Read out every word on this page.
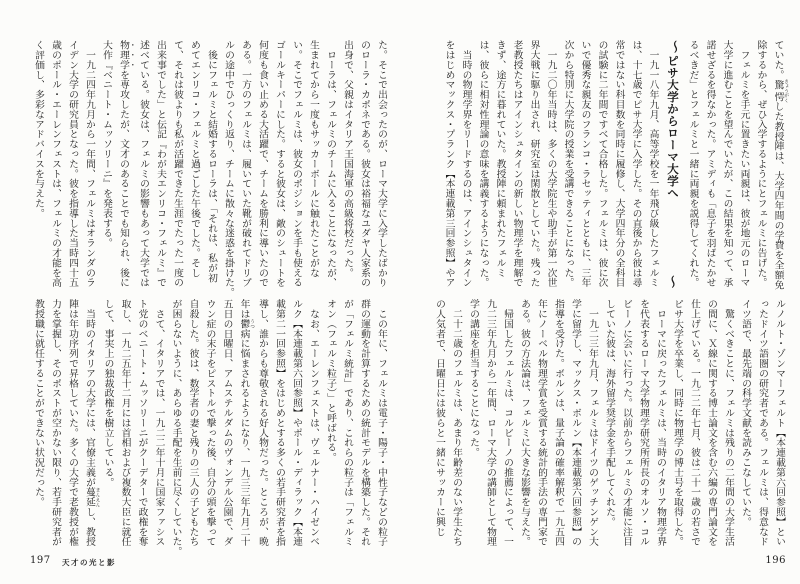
ていた。驚愕 きょうがくした教授陣は、大学四年間の学費を全額免
除するから、ぜひ入学するようにとフェルミに告げた。
　フェルミを手元に置きたい両親は、彼が地元のローマ
大学に進むことを望んでいたが、この結果を知って、承
諾せざるを得なかった。アミディも「息子を羽ばたかせ
るべきだ」とフェルミと一緒に両親を説得してくれた。
〜ピサ大学からローマ大学へ
〜
　一九一八年九月、高等学校を一年飛び級したフェルミ
は、十七歳でピサ大学に入学した。その直後から彼は尋
常ではない科目数を同時に履修し、大学四年分の全科目
の試験に二年間ですべて合格した。フェルミは、彼に次
いで優秀な親友のフランコ・ラセッティとともに、三年
次から特別に大学院の授業を受講できることになった。
　一九二〇年当時は、多くの大学院生や助手が第一次世
界大戦に駆り出され、研究室は閑散としていた。残った
老教授たちはアインシュタインの新しい物理学を理解で
きず、途方に暮れていた。教授陣に頼まれたフェルミ
は、彼らに相対性理論の意味を講義するようになった。
　当時の物理学界をリードするのは、アインシュタイン
をはじめマックス・プランク【本連載第三回参照】やア
ルノルト・ゾンマーフェルト【本連載第六回参照】とい
ったドイツ語圏の研究者である。フェルミは、得意なド
イツ語で、最先端の科学文献を読みこなしていた。
　驚くべきことに、フェルミは残りの二年間の大学生活
の間に、Ｘ線に関する博士論文を含む六編の専門論文を
仕上げている。一九二二年七月、彼は二十一歳の若さで
ピサ大学を卒業し、同時に物理学の博士号を取得した。
　ローマに戻ったフェルミは、当時のイタリア物理学界
を代表するローマ大学物理学研究所所長のオルソ・コル
ビーノに会いに行った。以前からフェルミの才能に注目
していた彼は、海外留学奨学金を手配してくれた。
　一九二三年九月、フェルミはドイツのゲッチンゲン大
学に留学し、マックス・ボルン【本連載第六回参照】の
指導を受けた。ボルンは、量子論の確率解釈で一九五四
年にノーベル物理学賞を受賞する統計的手法の専門家で
ある。彼の方法論は、フェルミに大きな影響を与えた。
　帰国したフェルミは、コルビーノの推薦によって、一
九二三年九月から一年間、ローマ大学の講師として物理
学の講座を担当することになった。
　二十二歳のフェルミは、あまり年齢差のない学生たち
の人気者で、日曜日には彼らと一緒にサッカーに興じ
た。そこで出会ったのが、ローマ大学に入学したばかり
のローラ・カポネである。彼女は裕福なユダヤ人家系の
出身で、父親はイタリア王国海軍の高級将校だった。
　ローラは、フェルミのチームに入ることになったが、
生まれてから一度もサッカーボールに触れたことがな
い。そこでフェルミは、彼女のポジションを手も使える
ゴールキーパーにした。すると彼女は、敵のシュートを
何度も食い止める大活躍で、チームを勝利に導いたので
ある。一方のフェルミは、履いていた靴が破れてドリブ
ルの途中でひっくり返り、チームに散々な迷惑を掛けた。
　後にフェルミと結婚するローラは、「それは、私が初
めてエンリコ・フェルミと過ごした午後でした。そし
て、それは彼よりも私が活躍できた生涯でたった一度の
出来事でした」と伝記『わが夫エンリコ・フェルミ』で
述べている。彼女は、フェルミの影響もあって大学では
物理学を専攻したが、文才のあることでも知られ、後に
大作『ベニート・ムッソリーニ』を発表する。
　一九二四年九月から一年間、フェルミはオランダのラ
イデン大学の研究員となった。彼を指導した当時四十五
歳のポール・エーレンフェストは、フェルミの才能を高
く評価し、多彩なアドバイスを与えた。
　この年に、フェルミは電子・陽子・中性子などの粒子
群の運動を計算するための統計モデルを構築した。それ
が「フェルミ統計」であり、これらの粒子は「フェルミ
オン（フェルミ粒子）」と呼ばれる。
　なお、エーレンフェストは、ヴェルナー・ハイゼンベ
ルク【本連載第六回参照】やポール・ディラック【本連
載第二一回参照】をはじめとする多くの若手研究者を指
導し、誰からも尊敬される好人物だった。ところが、晩
年は鬱 うつ病に悩まされるようになり、一九三三年九月二十
五日の日曜日、アムステルダムのヴォンデル公園で、ダ
ウン症の末子をピストルで撃った後、自分の頭を撃って
自殺した。彼は、数学者の妻と残りの三人の子どもたち
が困らないように、あらゆる手配を生前に尽くしていた。
　さて、イタリアでは、一九二二年十月に国家ファシス
ト党のベニート・ムッソリーニがクーデターで政権を奪
取し、一九二五年十二月には首相および複数大臣に就任
して、事実上の独裁政権を樹立している。
　当時のイタリアの大学には、官僚主義が蔓延 まんえんし、教授
陣は年功序列で昇格していた。多くの大学で老教授が権
力を掌握し、そのポストが空かない限り、若手研究者が
教授職に就任することができない状況だった。
197 天才の光と影	196
